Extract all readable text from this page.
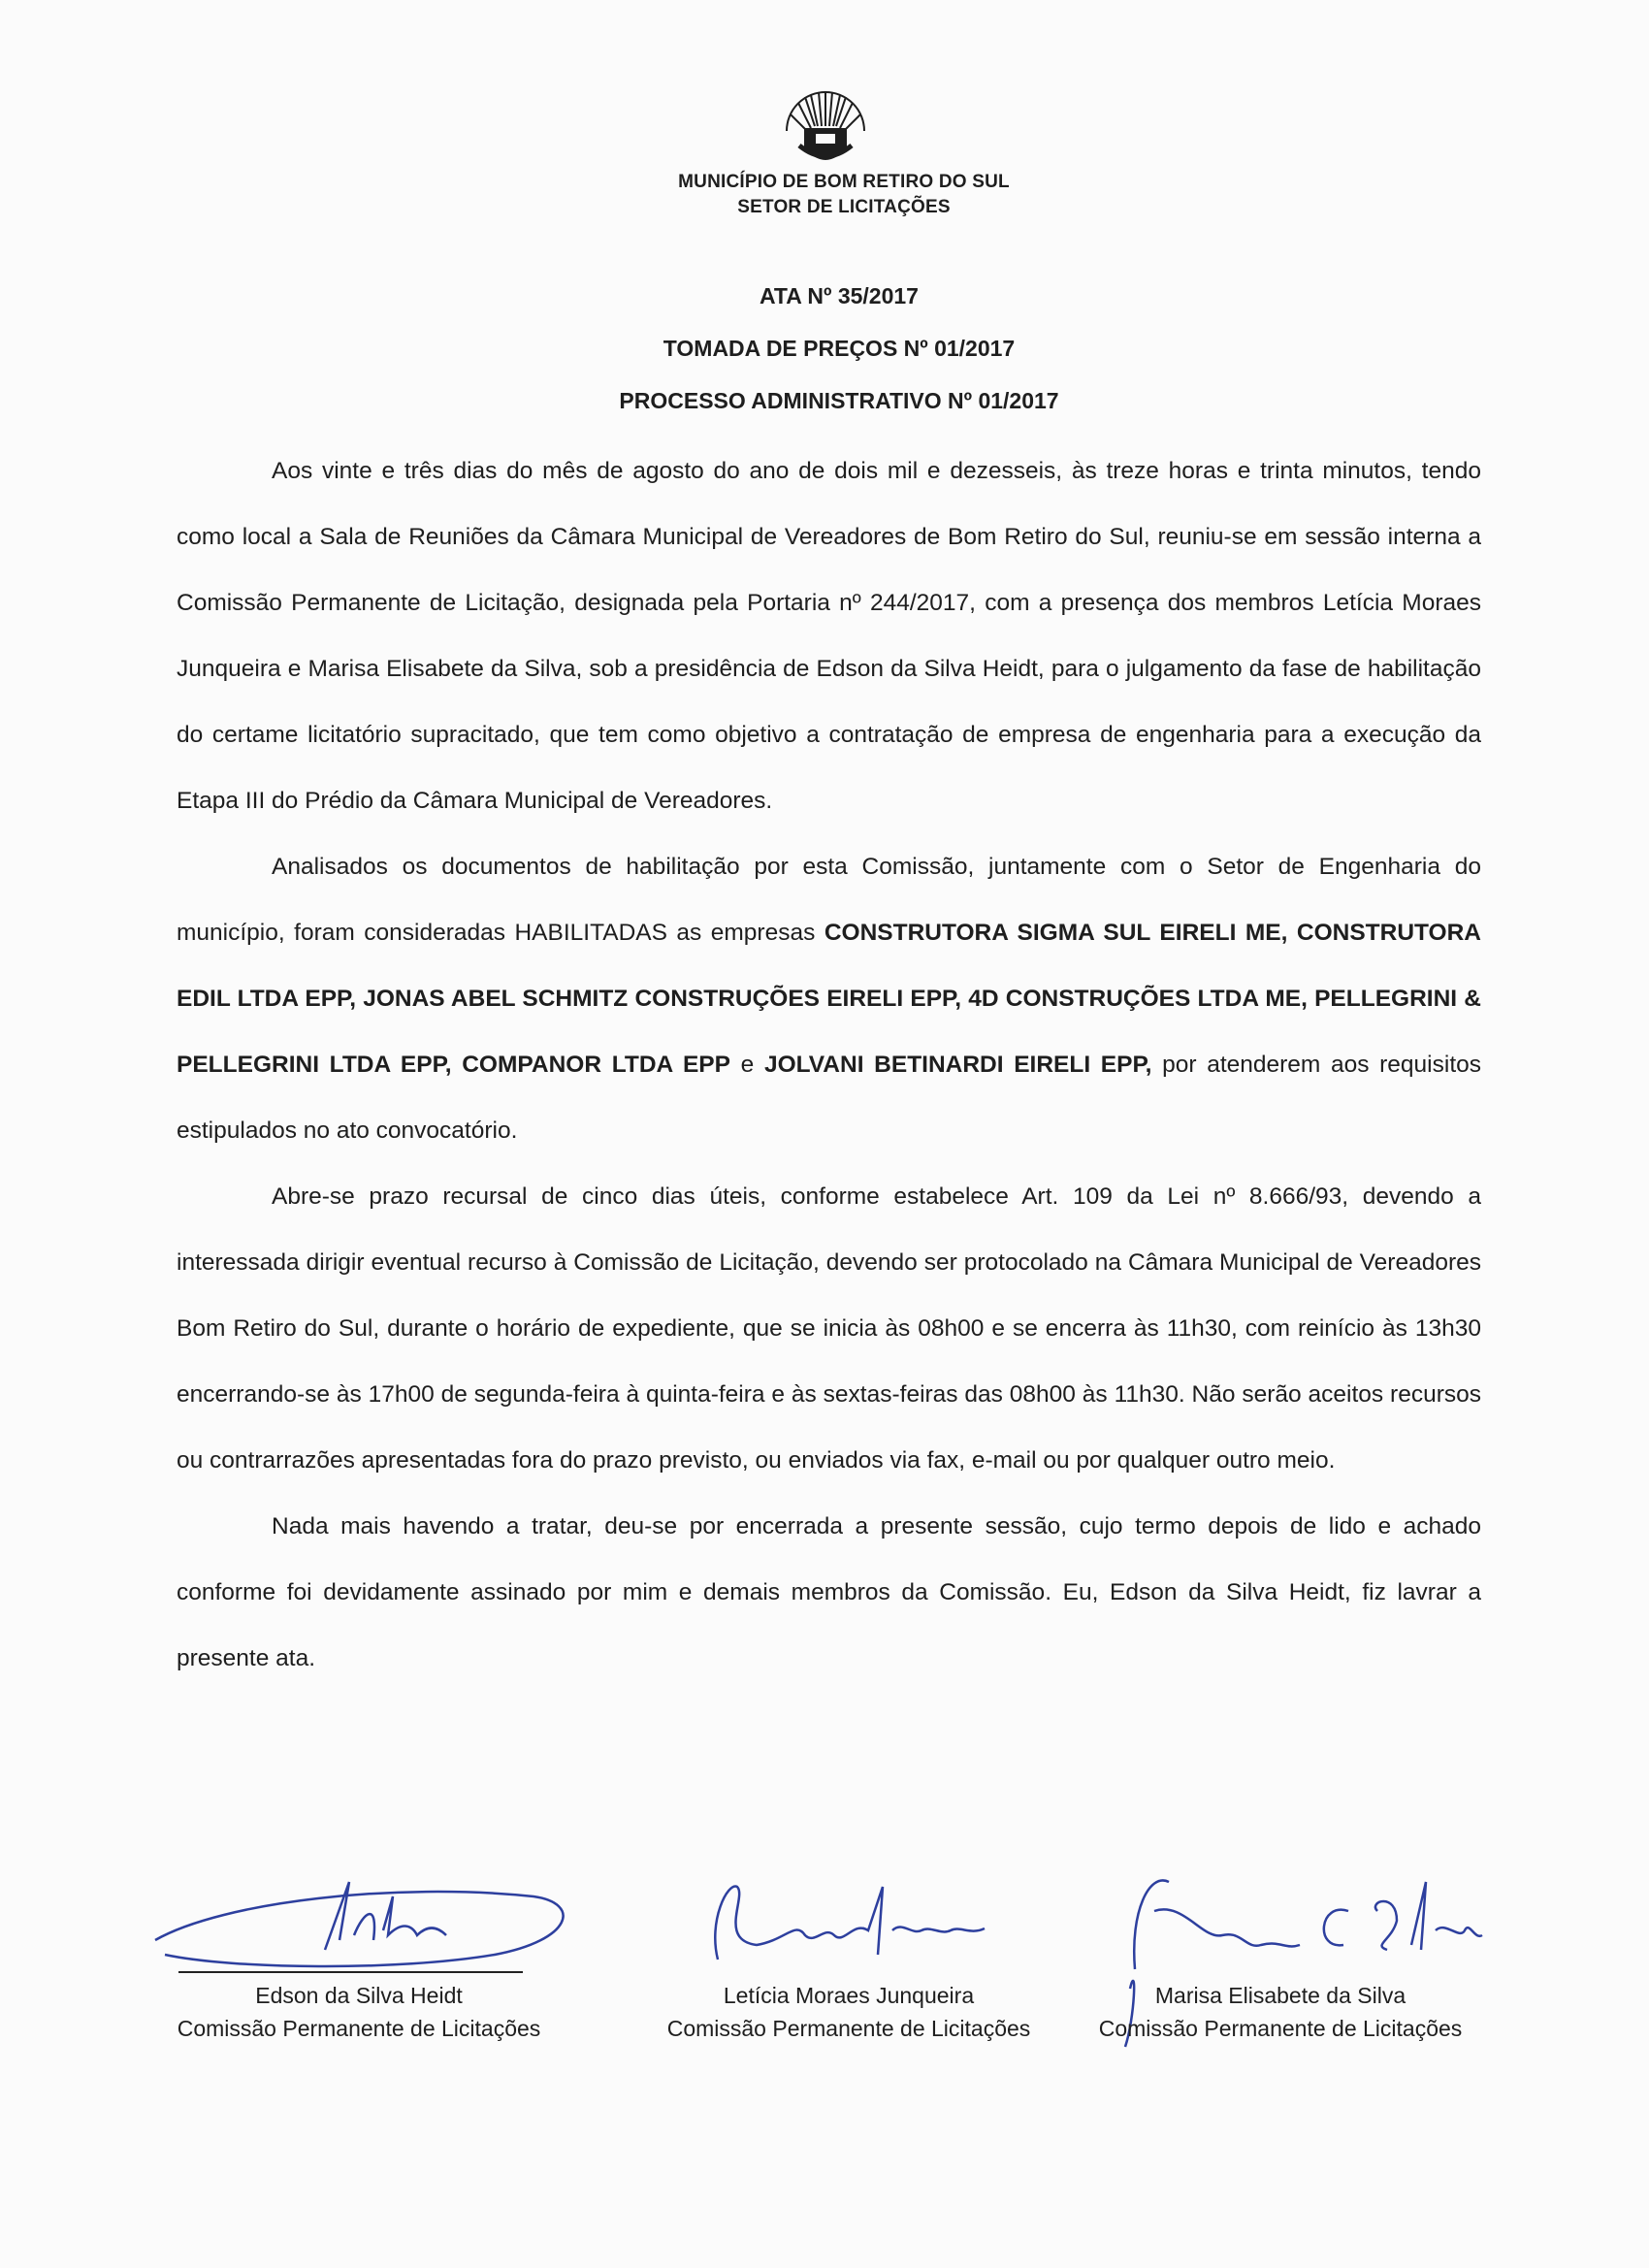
MUNICÍPIO DE BOM RETIRO DO SUL
SETOR DE LICITAÇÕES
ATA Nº 35/2017
TOMADA DE PREÇOS Nº 01/2017
PROCESSO ADMINISTRATIVO Nº 01/2017

Aos vinte e três dias do mês de agosto do ano de dois mil e dezesseis, às treze horas e trinta minutos, tendo como local a Sala de Reuniões da Câmara Municipal de Vereadores de Bom Retiro do Sul, reuniu-se em sessão interna a Comissão Permanente de Licitação, designada pela Portaria nº 244/2017, com a presença dos membros Letícia Moraes Junqueira e Marisa Elisabete da Silva, sob a presidência de Edson da Silva Heidt, para o julgamento da fase de habilitação do certame licitatório supracitado, que tem como objetivo a contratação de empresa de engenharia para a execução da Etapa III do Prédio da Câmara Municipal de Vereadores.

Analisados os documentos de habilitação por esta Comissão, juntamente com o Setor de Engenharia do município, foram consideradas HABILITADAS as empresas CONSTRUTORA SIGMA SUL EIRELI ME, CONSTRUTORA EDIL LTDA EPP, JONAS ABEL SCHMITZ CONSTRUÇÕES EIRELI EPP, 4D CONSTRUÇÕES LTDA ME, PELLEGRINI & PELLEGRINI LTDA EPP, COMPANOR LTDA EPP e JOLVANI BETINARDI EIRELI EPP, por atenderem aos requisitos estipulados no ato convocatório.

Abre-se prazo recursal de cinco dias úteis, conforme estabelece Art. 109 da Lei nº 8.666/93, devendo a interessada dirigir eventual recurso à Comissão de Licitação, devendo ser protocolado na Câmara Municipal de Vereadores Bom Retiro do Sul, durante o horário de expediente, que se inicia às 08h00 e se encerra às 11h30, com reinício às 13h30 encerrando-se às 17h00 de segunda-feira à quinta-feira e às sextas-feiras das 08h00 às 11h30. Não serão aceitos recursos ou contrarrazões apresentadas fora do prazo previsto, ou enviados via fax, e-mail ou por qualquer outro meio.

Nada mais havendo a tratar, deu-se por encerrada a presente sessão, cujo termo depois de lido e achado conforme foi devidamente assinado por mim e demais membros da Comissão. Eu, Edson da Silva Heidt, fiz lavrar a presente ata.

Edson da Silva Heidt
Comissão Permanente de Licitações
Letícia Moraes Junqueira
Comissão Permanente de Licitações
Marisa Elisabete da Silva
Comissão Permanente de Licitações
